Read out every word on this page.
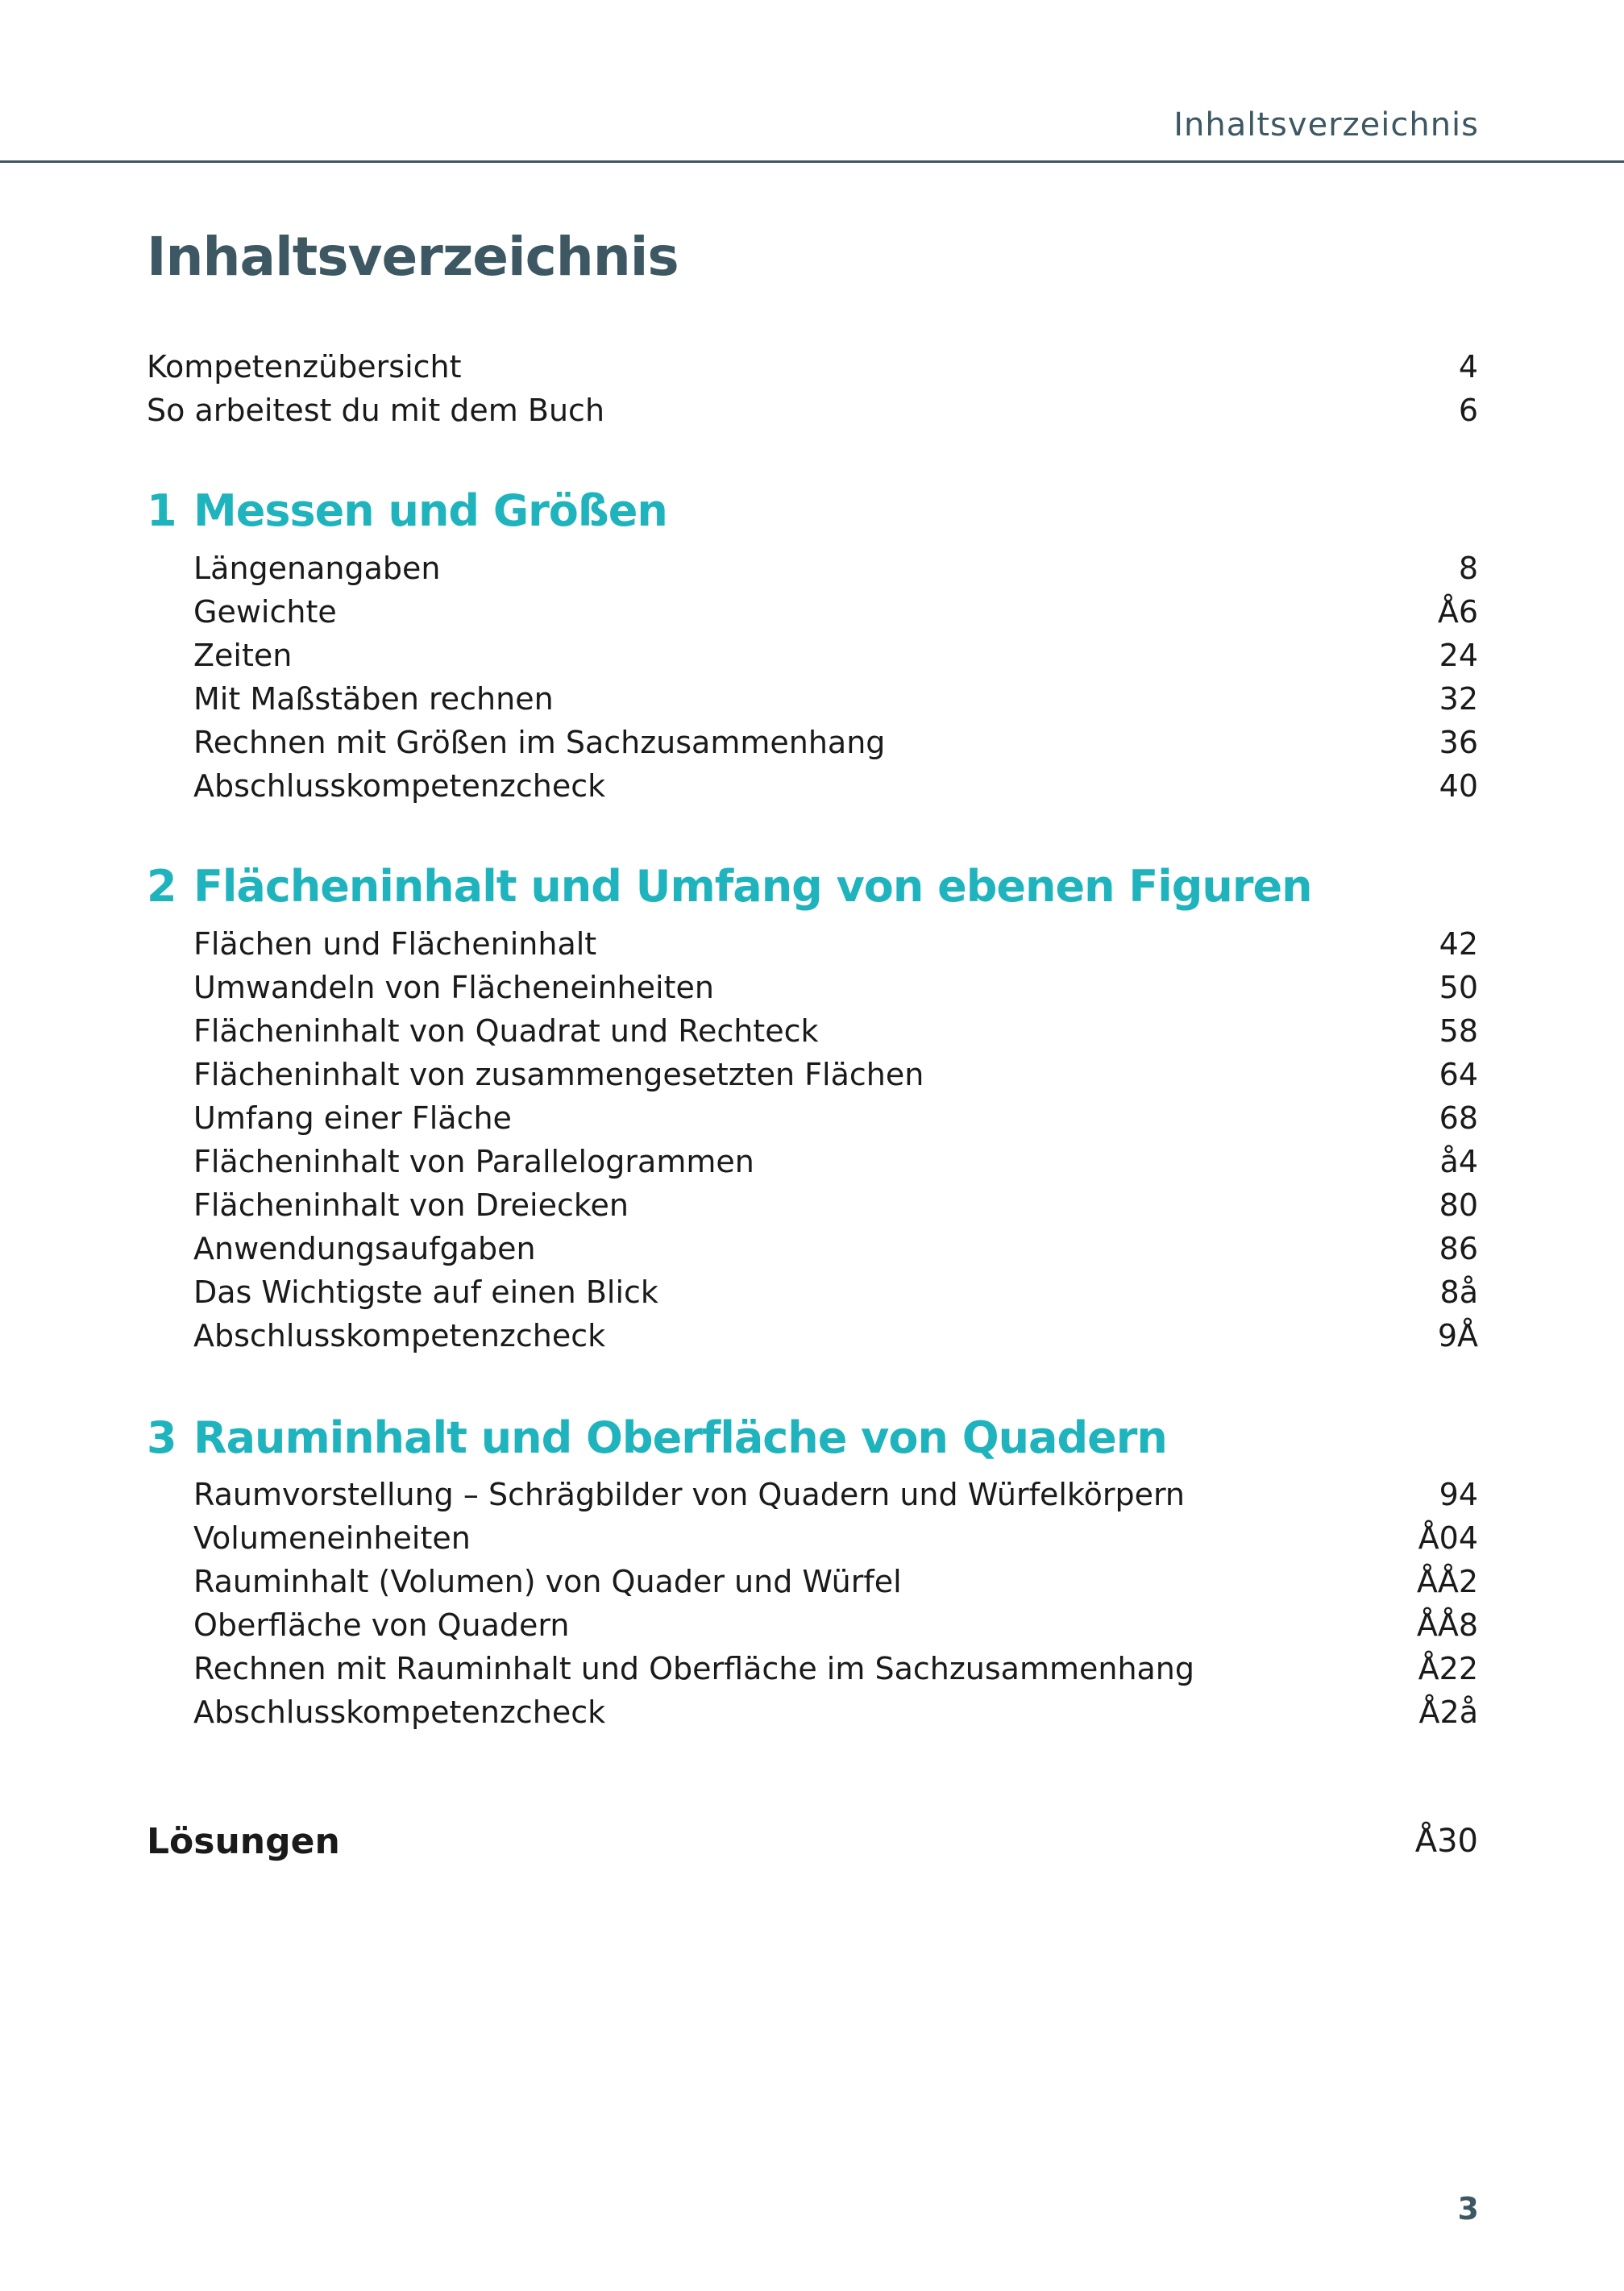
Inhaltsverzeichnis
Inhaltsverzeichnis
Kompetenzübersicht	4
So arbeitest du mit dem Buch	6
1 Messen und Größen
Längenangaben	8
Gewichte	Å6
Zeiten	24
Mit Maßstäben rechnen	32
Rechnen mit Größen im Sachzusammenhang	36
Abschlusskompetenzcheck	40
2 Flächeninhalt und Umfang von ebenen Figuren
Flächen und Flächeninhalt	42
Umwandeln von Flächeneinheiten	50
Flächeninhalt von Quadrat und Rechteck	58
Flächeninhalt von zusammengesetzten Flächen	64
Umfang einer Fläche	68
Flächeninhalt von Parallelogrammen	å4
Flächeninhalt von Dreiecken	80
Anwendungsaufgaben	86
Das Wichtigste auf einen Blick	8å
Abschlusskompetenzcheck	9Å
3 Rauminhalt und Oberfläche von Quadern
Raumvorstellung – Schrägbilder von Quadern und Würfelkörpern	94
Volumeneinheiten	Å04
Rauminhalt (Volumen) von Quader und Würfel	ÅÅ2
Oberfläche von Quadern	ÅÅ8
Rechnen mit Rauminhalt und Oberfläche im Sachzusammenhang	Å22
Abschlusskompetenzcheck	Å2å
Lösungen	Å30
3
